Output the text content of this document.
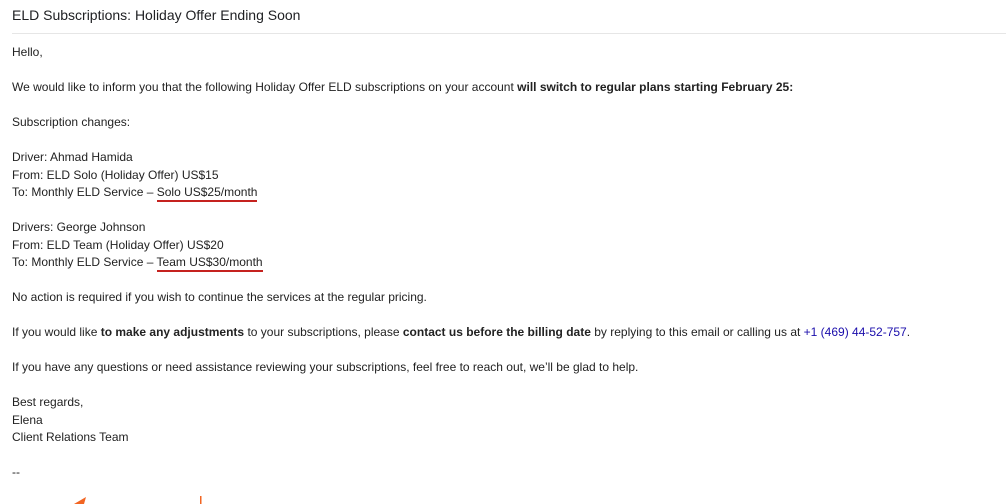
ELD Subscriptions: Holiday Offer Ending Soon

Hello,

We would like to inform you that the following Holiday Offer ELD subscriptions on your account will switch to regular plans starting February 25:

Subscription changes:

Driver: Ahmad Hamida

From: ELD Solo (Holiday Offer) US$15

To: Monthly ELD Service – Solo US$25/month

Drivers: George Johnson

From: ELD Team (Holiday Offer) US$20

To: Monthly ELD Service – Team US$30/month

No action is required if you wish to continue the services at the regular pricing.

If you would like to make any adjustments to your subscriptions, please contact us before the billing date by replying to this email or calling us at +1 (469) 44-52-757.

If you have any questions or need assistance reviewing your subscriptions, feel free to reach out, we’ll be glad to help.

Best regards,

Elena

Client Relations Team

--
